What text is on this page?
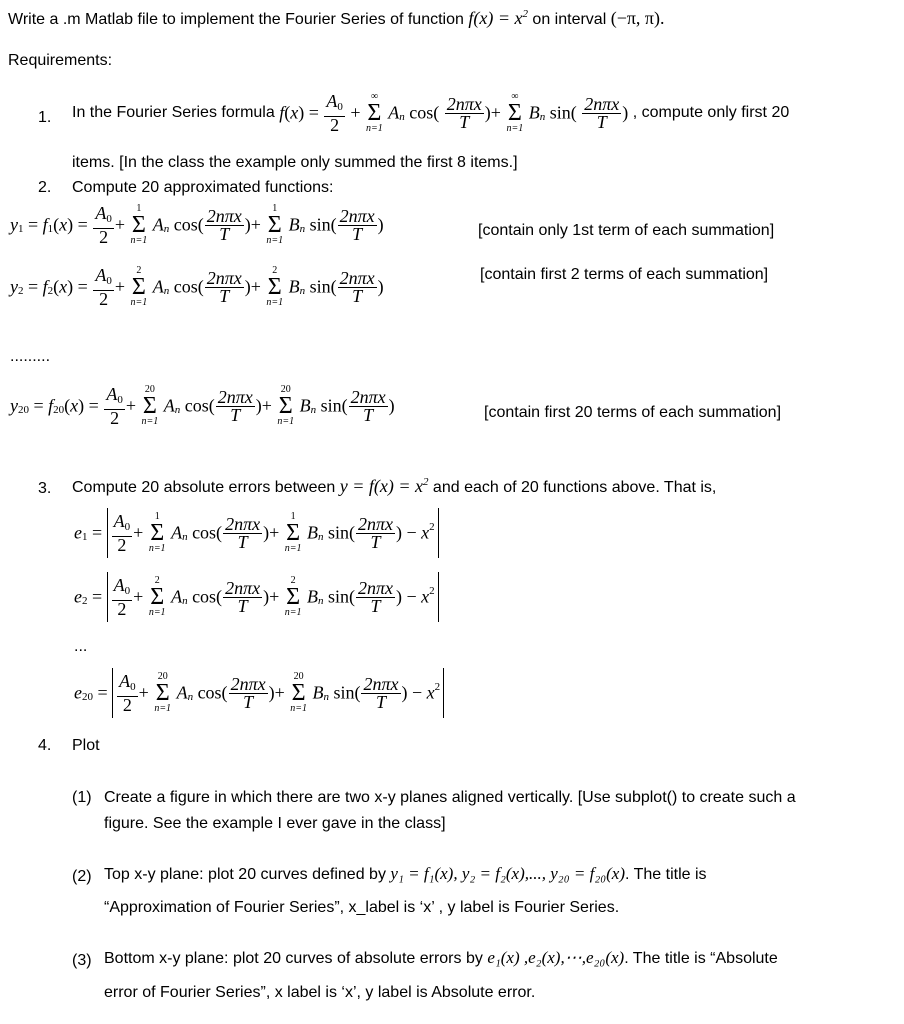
Write a .m Matlab file to implement the Fourier Series of function $f(x) = x^2$ on interval (−π, π).
Requirements:
1. In the Fourier Series formula $f(x) = \frac{A_0}{2}$ +
∞
Σ
n=1
$A_n$ $\cos( \frac{\text{2nπx}}{T}$ )+
∞
Σ
n=1
$B_n$ $\sin( \frac{\text{2nπx}}{T}$ ) , compute only first 20
items. [In the class the example only summed the first 8 items.]
2. Compute 20 approximated functions:
$y_1 = f_1(x) = \frac{A_0}{2}$ +
1
Σ
n=1
$A_n$ $\cos( \frac{\text{2nπx}}{T}$ )+
1
Σ
n=1
$B_n$ $\sin( \frac{\text{2nπx}}{T}$ )	[contain only 1st term of each summation]
$y_2 = f_2(x) = \frac{A_0}{2}$ +
2
Σ
n=1
$A_n$ $\cos( \frac{\text{2nπx}}{T}$ )+
2
Σ
n=1
$B_n$ $\sin( \frac{\text{2nπx}}{T}$ )
[contain first 2 terms of each summation]
.........
$y_{20} = f_{20}(x) = \frac{A_0}{2}$ +
20
Σ
n=1
$A_n$ $\cos( \frac{\text{2nπx}}{T}$ )+
20
Σ
n=1
$B_n$ $\sin( \frac{\text{2nπx}}{T}$ )	[contain first 20 terms of each summation]
3. Compute 20 absolute errors between $y = f(x) = x^2$ and each of 20 functions above. That is,
$e_1 = \frac{A_0}{2}$ +
1
Σ
n=1
$A_n$ $\cos( \frac{\text{2nπx}}{T}$ )+
1
Σ
n=1
$B_n$ $\sin( \frac{\text{2nπx}}{T}$ ) − $x^2$
$e_2 = \frac{A_0}{2}$ +
2
Σ
n=1
$A_n$ $\cos( \frac{\text{2nπx}}{T}$ )+
2
Σ
n=1
$B_n$ $\sin( \frac{\text{2nπx}}{T}$ ) − $x^2$
...
$e_{20} = \frac{A_0}{2}$ +
20
Σ
n=1
$A_n$ $\cos( \frac{\text{2nπx}}{T}$ )+
20
Σ
n=1
$B_n$ $\sin( \frac{\text{2nπx}}{T}$ ) − $x^2$
4. Plot
(1) Create a figure in which there are two x-y planes aligned vertically. [Use subplot() to create such a
figure. See the example I ever gave in the class]
(2) Top x-y plane: plot 20 curves defined by y₁ = f₁(x), y₂ = f₂(x),..., y₂₀ = f₂₀(x). The title is
“Approximation of Fourier Series”, x_label is ‘x’ , y label is Fourier Series.
(3) Bottom x-y plane: plot 20 curves of absolute errors by e₁(x) ,e₂(x),⋯,e₂₀(x). The title is “Absolute
error of Fourier Series”, x label is ‘x’, y label is Absolute error.
